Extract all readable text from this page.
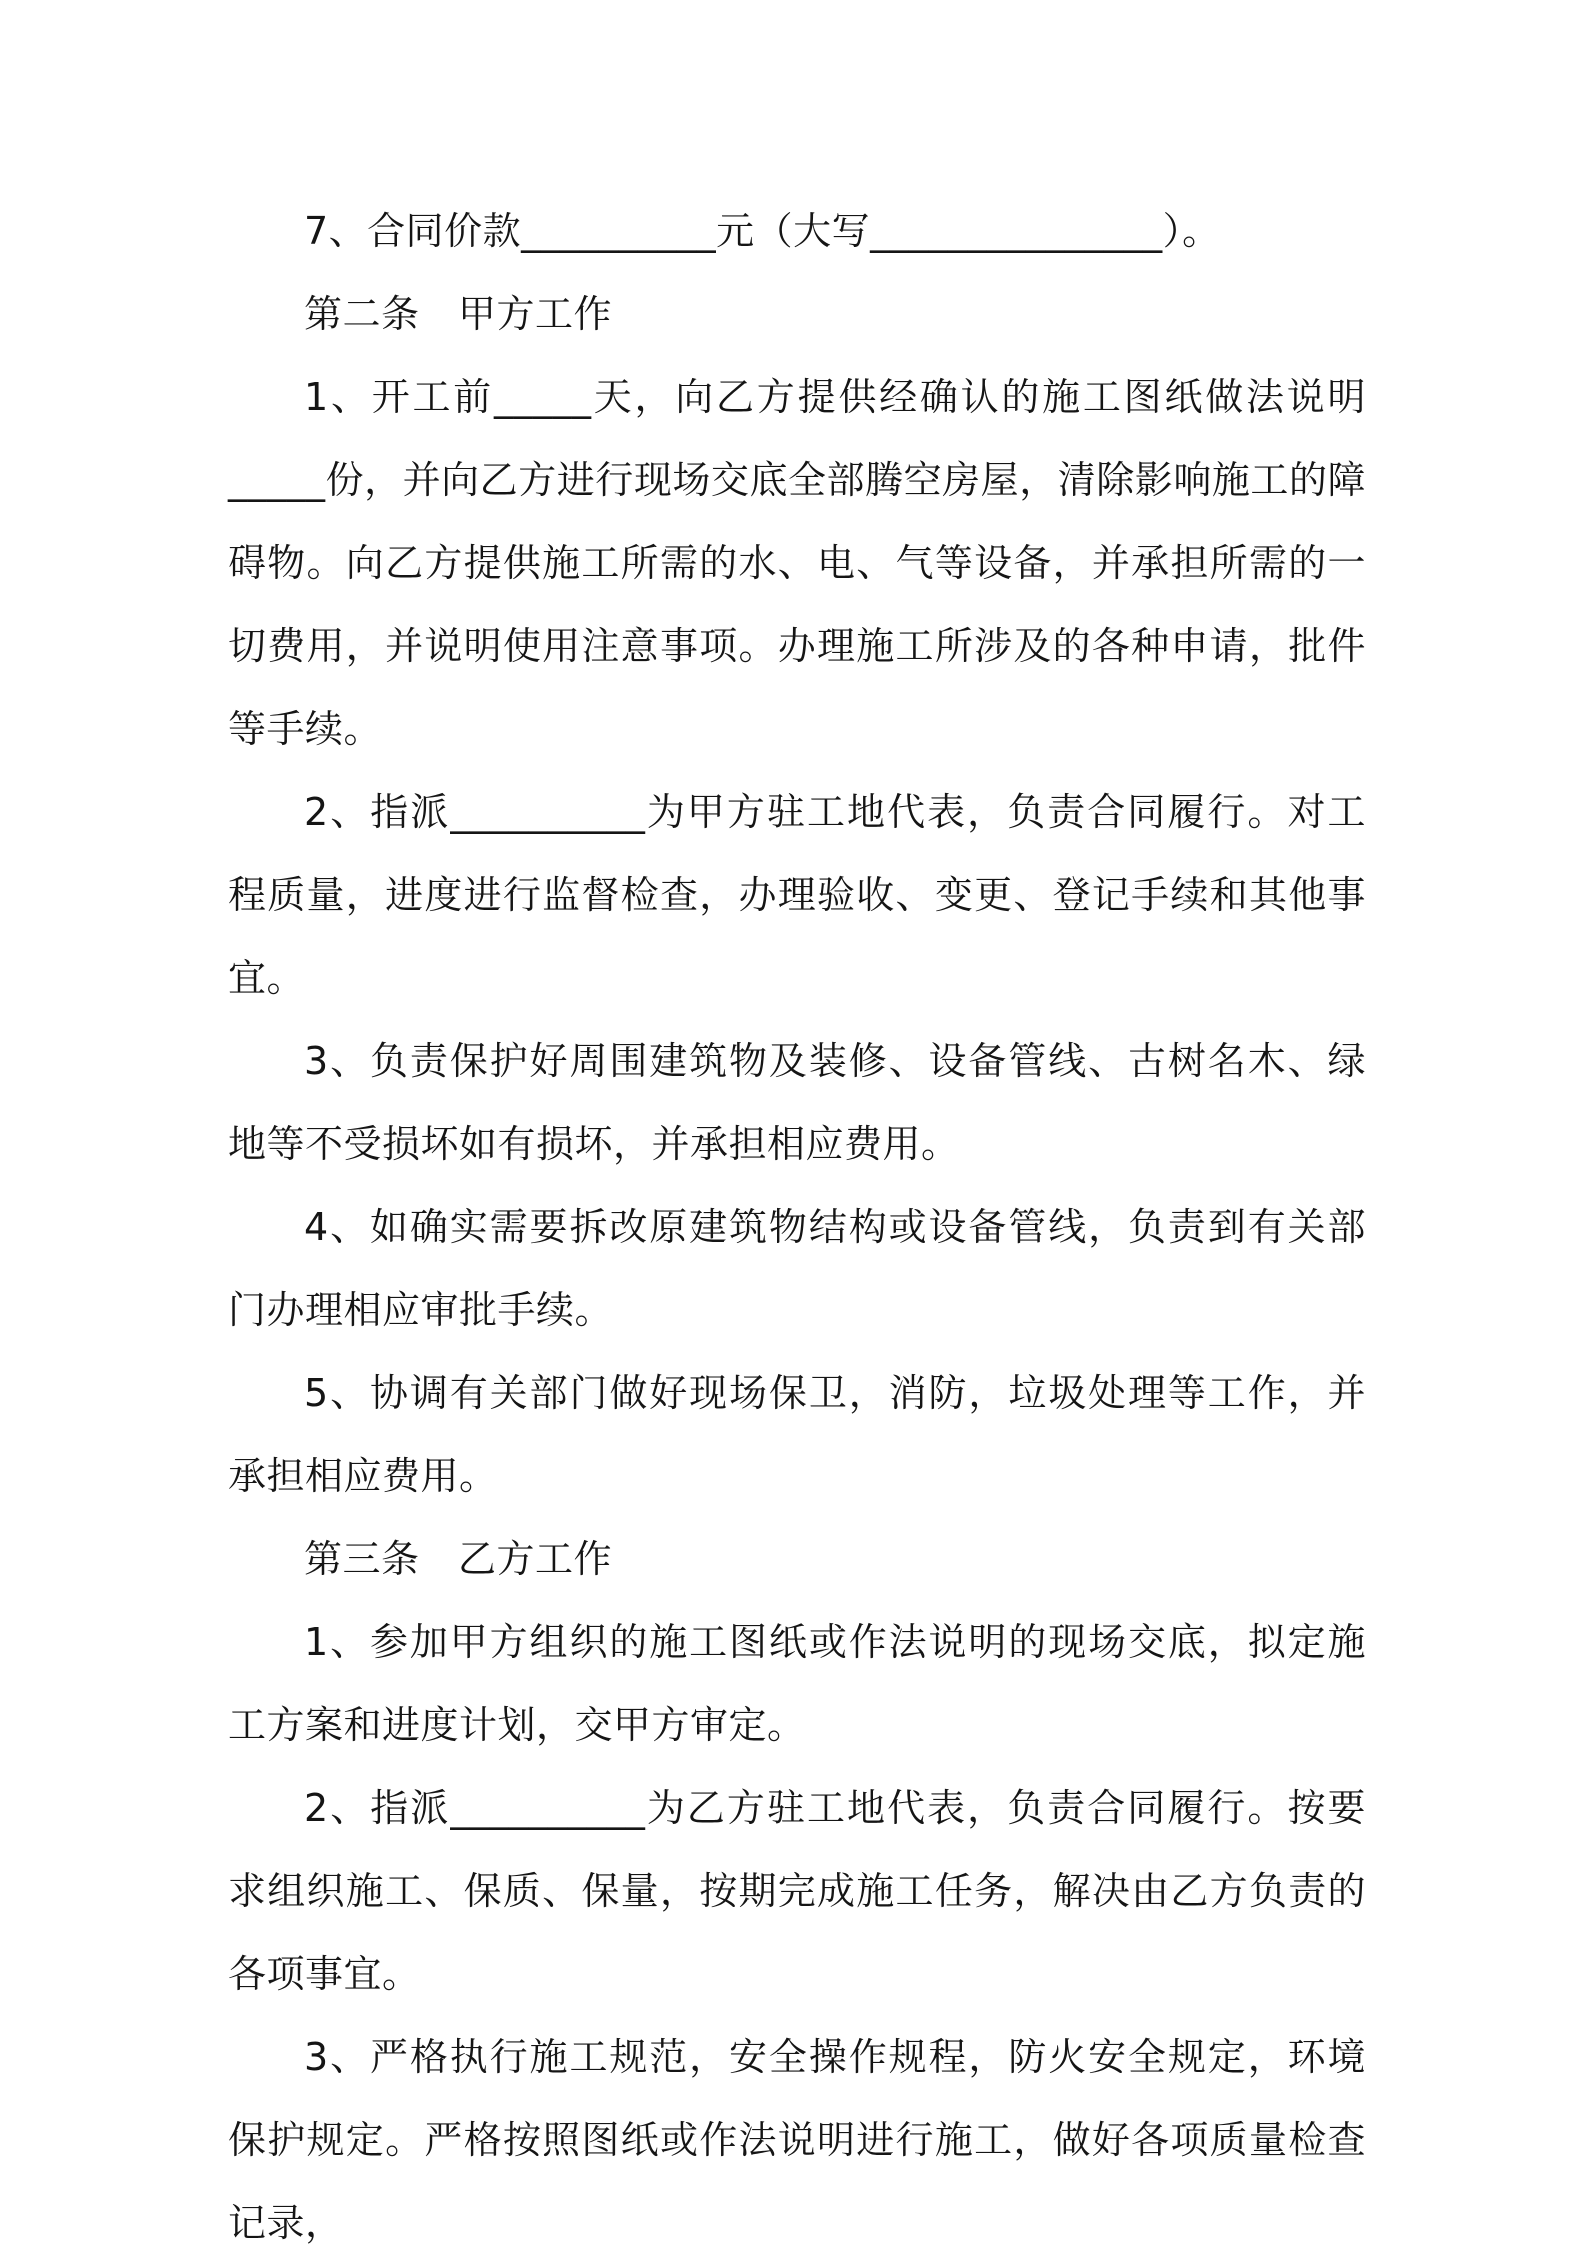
7、合同价款__________元（大写_______________）。

第二条　甲方工作

1、开工前_____天，向乙方提供经确认的施工图纸做法说明_____份，并向乙方进行现场交底全部腾空房屋，清除影响施工的障碍物。向乙方提供施工所需的水、电、气等设备，并承担所需的一切费用，并说明使用注意事项。办理施工所涉及的各种申请，批件等手续。

2、指派__________为甲方驻工地代表，负责合同履行。对工程质量，进度进行监督检查，办理验收、变更、登记手续和其他事宜。

3、负责保护好周围建筑物及装修、设备管线、古树名木、绿地等不受损坏如有损坏，并承担相应费用。

4、如确实需要拆改原建筑物结构或设备管线，负责到有关部门办理相应审批手续。

5、协调有关部门做好现场保卫，消防，垃圾处理等工作，并承担相应费用。

第三条　乙方工作

1、参加甲方组织的施工图纸或作法说明的现场交底，拟定施工方案和进度计划，交甲方审定。

2、指派__________为乙方驻工地代表，负责合同履行。按要求组织施工、保质、保量，按期完成施工任务，解决由乙方负责的各项事宜。

3、严格执行施工规范，安全操作规程，防火安全规定，环境保护规定。严格按照图纸或作法说明进行施工，做好各项质量检查记录，
